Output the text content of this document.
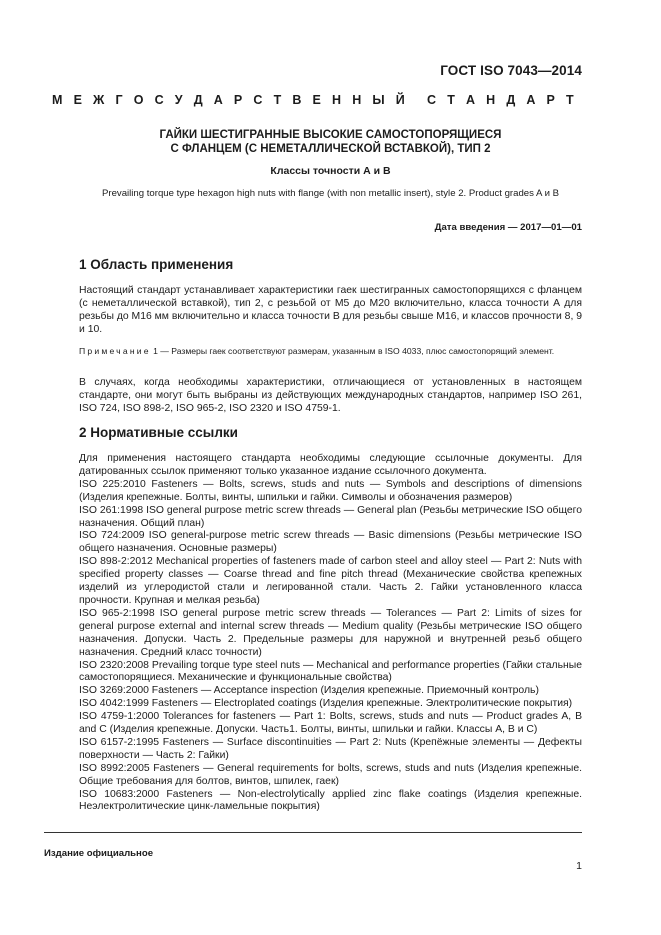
ГОСТ ISO 7043—2014
М Е Ж Г О С У Д А Р С Т В Е Н Н Ы Й С Т А Н Д А Р Т
ГАЙКИ ШЕСТИГРАННЫЕ ВЫСОКИЕ САМОСТОПОРЯЩИЕСЯ
С ФЛАНЦЕМ (С НЕМЕТАЛЛИЧЕСКОЙ ВСТАВКОЙ), ТИП 2
Классы точности А и В
Prevailing torque type hexagon high nuts with flange (with non metallic insert), style 2. Product grades A и B
Дата введения — 2017—01—01
1 Область применения
Настоящий стандарт устанавливает характеристики гаек шестигранных самостопорящихся с фланцем (с неметаллической вставкой), тип 2, с резьбой от M5 до M20 включительно, класса точности А для резьбы до M16 мм включительно и класса точности В для резьбы свыше M16, и классов прочности 8, 9 и 10.
Примечание 1 — Размеры гаек соответствуют размерам, указанным в ISO 4033, плюс самостопорящий элемент.
В случаях, когда необходимы характеристики, отличающиеся от установленных в настоящем стандарте, они могут быть выбраны из действующих международных стандартов, например ISO 261, ISO 724, ISO 898-2, ISO 965-2, ISO 2320 и ISO 4759-1.
2 Нормативные ссылки

Для применения настоящего стандарта необходимы следующие ссылочные документы. Для датированных ссылок применяют только указанное издание ссылочного документа.

ISO 225:2010 Fasteners — Bolts, screws, studs and nuts — Symbols and descriptions of dimensions (Изделия крепежные. Болты, винты, шпильки и гайки. Символы и обозначения размеров)

ISO 261:1998 ISO general purpose metric screw threads — General plan (Резьбы метрические ISO общего назначения. Общий план)

ISO 724:2009 ISO general-purpose metric screw threads — Basic dimensions (Резьбы метрические ISO общего назначения. Основные размеры)

ISO 898-2:2012 Mechanical properties of fasteners made of carbon steel and alloy steel — Part 2: Nuts with specified property classes — Coarse thread and fine pitch thread (Механические свойства крепежных изделий из углеродистой стали и легированной стали. Часть 2. Гайки установленного класса прочности. Крупная и мелкая резьба)

ISO 965-2:1998 ISO general purpose metric screw threads — Tolerances — Part 2: Limits of sizes for general purpose external and internal screw threads — Medium quality (Резьбы метрические ISO общего назначения. Допуски. Часть 2. Предельные размеры для наружной и внутренней резьб общего назначения. Средний класс точности)

ISO 2320:2008 Prevailing torque type steel nuts — Mechanical and performance properties (Гайки стальные самостопорящиеся. Механические и функциональные свойства)

ISO 3269:2000 Fasteners — Acceptance inspection (Изделия крепежные. Приемочный контроль)

ISO 4042:1999 Fasteners — Electroplated coatings (Изделия крепежные. Электролитические покрытия)

ISO 4759-1:2000 Tolerances for fasteners — Part 1: Bolts, screws, studs and nuts — Product grades A, B and C (Изделия крепежные. Допуски. Часть1. Болты, винты, шпильки и гайки. Классы А, В и С)

ISO 6157-2:1995 Fasteners — Surface discontinuities — Part 2: Nuts (Крепёжные элементы — Дефекты поверхности — Часть 2: Гайки)

ISO 8992:2005 Fasteners — General requirements for bolts, screws, studs and nuts (Изделия крепежные. Общие требования для болтов, винтов, шпилек, гаек)

ISO 10683:2000 Fasteners — Non-electrolytically applied zinc flake coatings (Изделия крепежные. Неэлектролитические цинк-ламельные покрытия)

Издание официальное
1
